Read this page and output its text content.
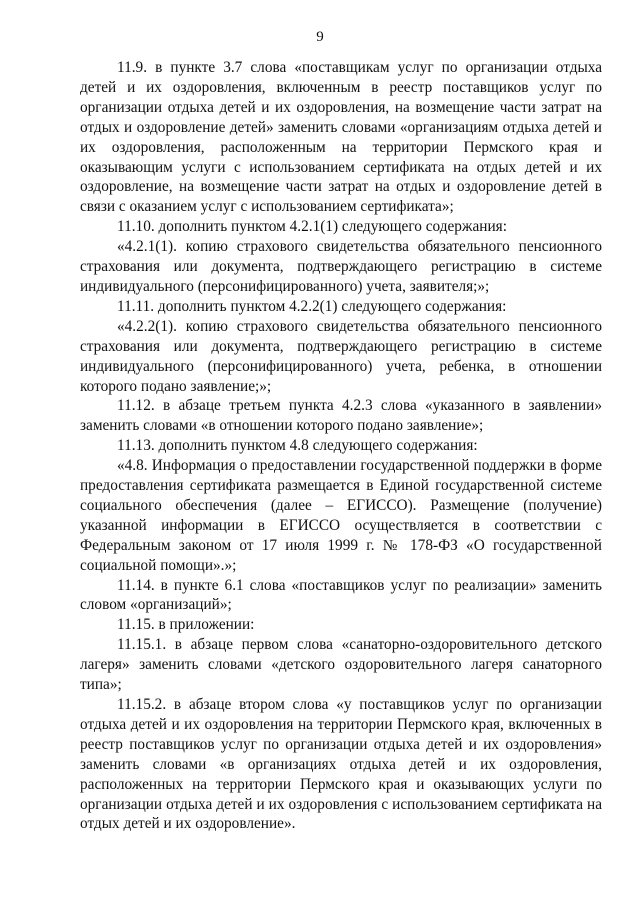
9

11.9. в пункте 3.7 слова «поставщикам услуг по организации отдыха детей и их оздоровления, включенным в реестр поставщиков услуг по организации отдыха детей и их оздоровления, на возмещение части затрат на отдых и оздоровление детей» заменить словами «организациям отдыха детей и их оздоровления, расположенным на территории Пермского края и оказывающим услуги с использованием сертификата на отдых детей и их оздоровление, на возмещение части затрат на отдых и оздоровление детей в связи с оказанием услуг с использованием сертификата»;

11.10. дополнить пунктом 4.2.1(1) следующего содержания:

«4.2.1(1). копию страхового свидетельства обязательного пенсионного страхования или документа, подтверждающего регистрацию в системе индивидуального (персонифицированного) учета, заявителя;»;

11.11. дополнить пунктом 4.2.2(1) следующего содержания:

«4.2.2(1). копию страхового свидетельства обязательного пенсионного страхования или документа, подтверждающего регистрацию в системе индивидуального (персонифицированного) учета, ребенка, в отношении которого подано заявление;»;

11.12. в абзаце третьем пункта 4.2.3 слова «указанного в заявлении» заменить словами «в отношении которого подано заявление»;

11.13. дополнить пунктом 4.8 следующего содержания:

«4.8. Информация о предоставлении государственной поддержки в форме предоставления сертификата размещается в Единой государственной системе социального обеспечения (далее – ЕГИССО). Размещение (получение) указанной информации в ЕГИССО осуществляется в соответствии с Федеральным законом от 17 июля 1999 г. № 178-ФЗ «О государственной социальной помощи».»;

11.14. в пункте 6.1 слова «поставщиков услуг по реализации» заменить словом «организаций»;

11.15. в приложении:

11.15.1. в абзаце первом слова «санаторно-оздоровительного детского лагеря» заменить словами «детского оздоровительного лагеря санаторного типа»;

11.15.2. в абзаце втором слова «у поставщиков услуг по организации отдыха детей и их оздоровления на территории Пермского края, включенных в реестр поставщиков услуг по организации отдыха детей и их оздоровления» заменить словами «в организациях отдыха детей и их оздоровления, расположенных на территории Пермского края и оказывающих услуги по организации отдыха детей и их оздоровления с использованием сертификата на отдых детей и их оздоровление».
